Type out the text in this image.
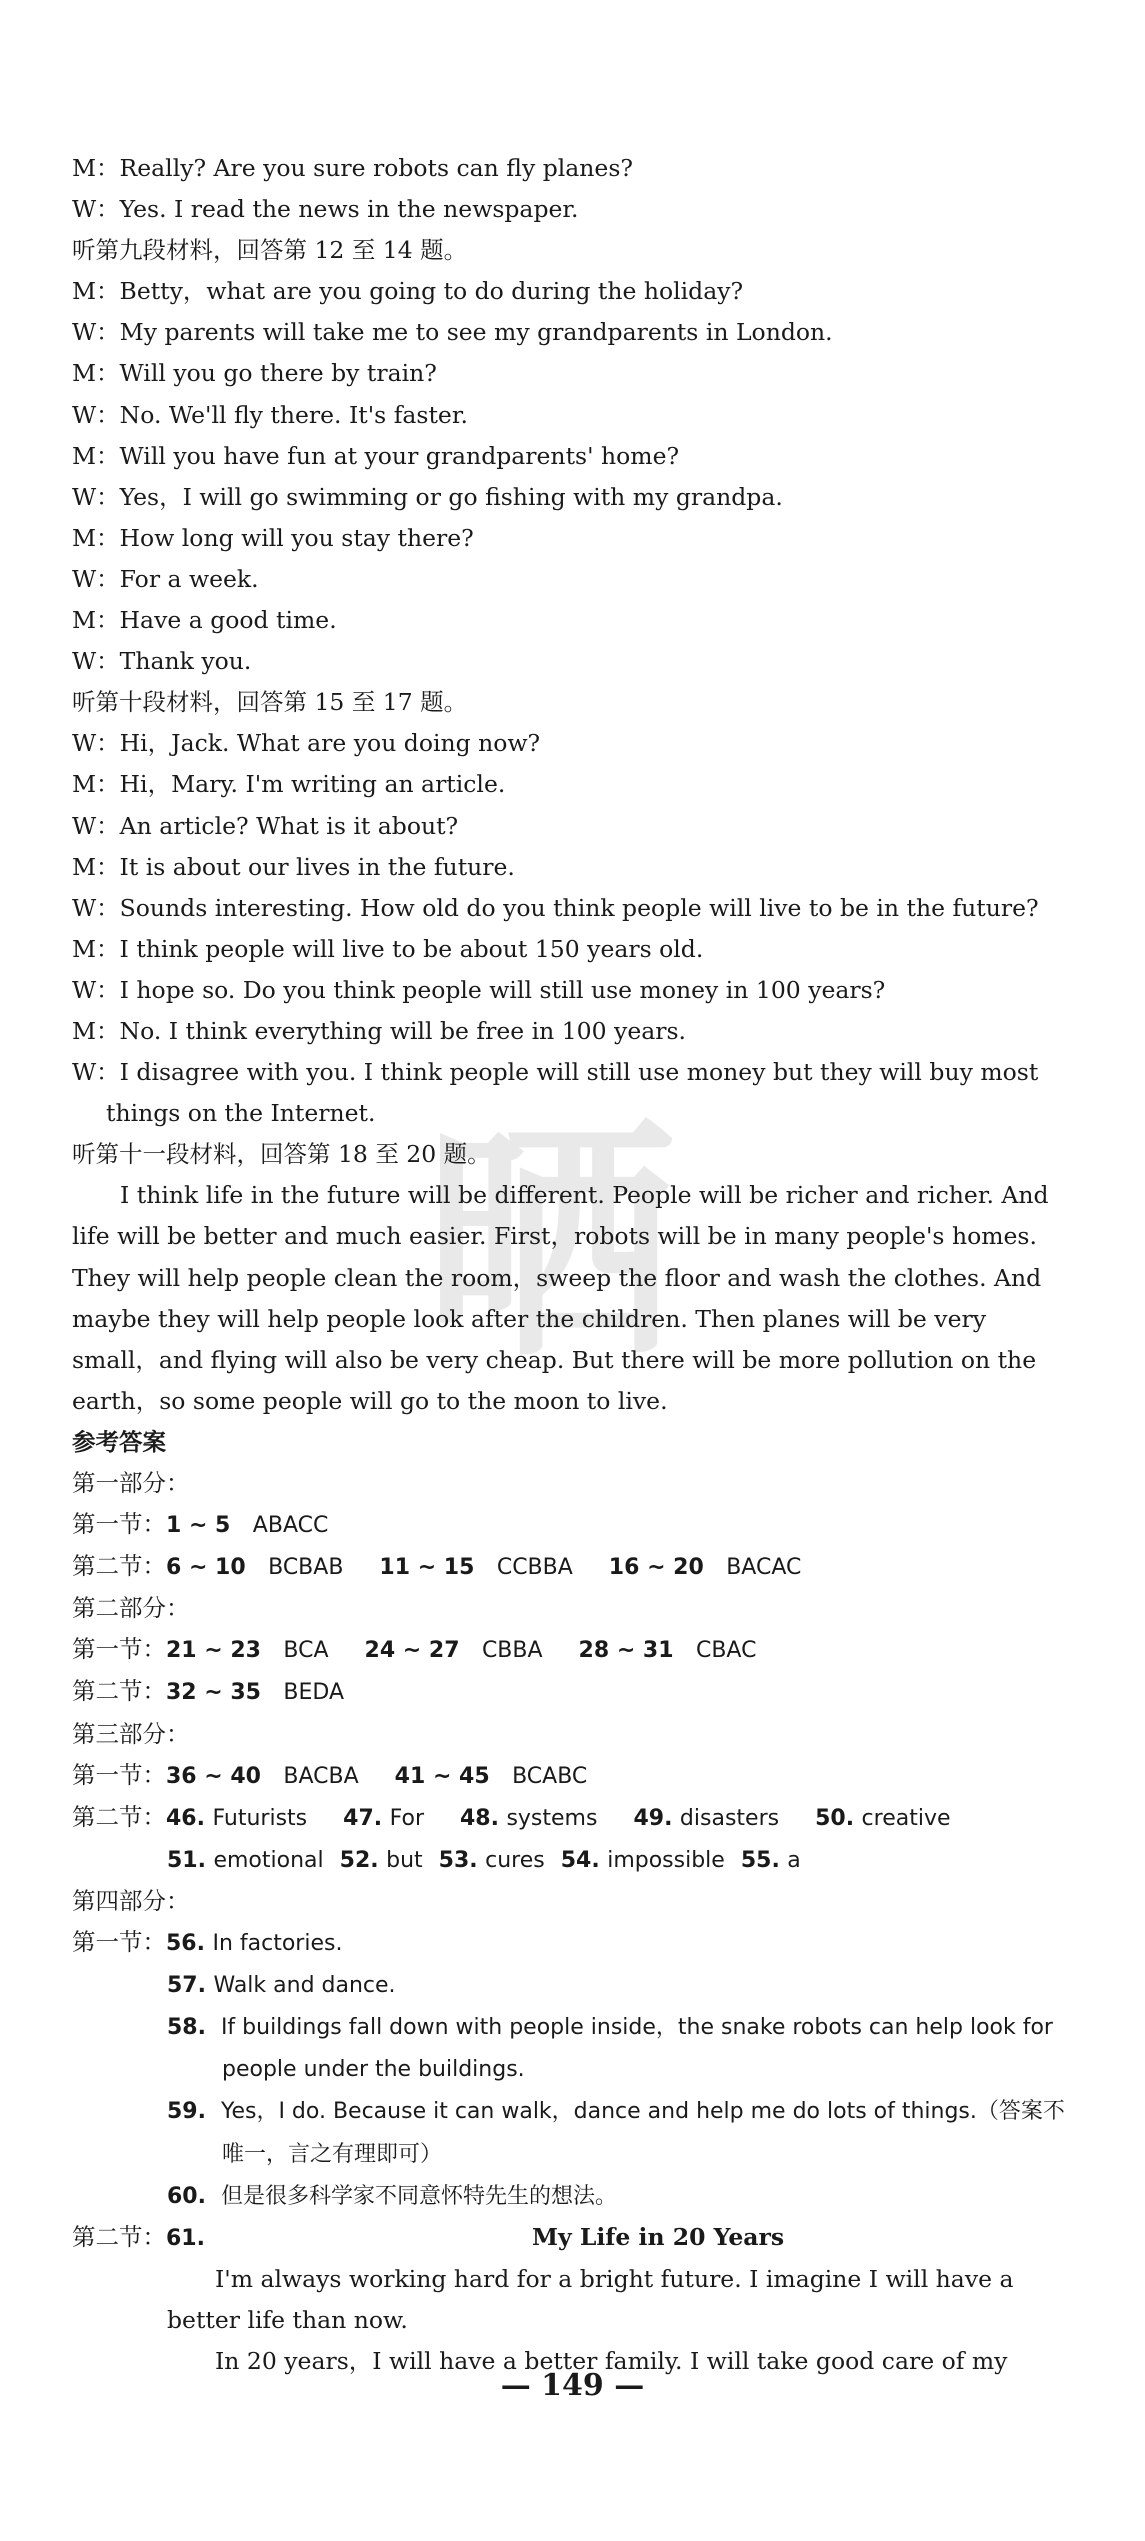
晒
M：Really? Are you sure robots can fly planes?
W：Yes. I read the news in the newspaper.
听第九段材料，回答第 12 至 14 题。
M：Betty，what are you going to do during the holiday?
W：My parents will take me to see my grandparents in London.
M：Will you go there by train?
W：No. We'll fly there. It's faster.
M：Will you have fun at your grandparents' home?
W：Yes，I will go swimming or go fishing with my grandpa.
M：How long will you stay there?
W：For a week.
M：Have a good time.
W：Thank you.
听第十段材料，回答第 15 至 17 题。
W：Hi，Jack. What are you doing now?
M：Hi，Mary. I'm writing an article.
W：An article? What is it about?
M：It is about our lives in the future.
W：Sounds interesting. How old do you think people will live to be in the future?
M：I think people will live to be about 150 years old.
W：I hope so. Do you think people will still use money in 100 years?
M：No. I think everything will be free in 100 years.
W：I disagree with you. I think people will still use money but they will buy most things on the Internet.
听第十一段材料，回答第 18 至 20 题。
I think life in the future will be different. People will be richer and richer. And life will be better and much easier. First，robots will be in many people's homes. They will help people clean the room，sweep the floor and wash the clothes. And maybe they will help people look after the children. Then planes will be very small，and flying will also be very cheap. But there will be more pollution on the earth，so some people will go to the moon to live.
参考答案
第一部分：
第一节：1 ~ 5 ABACC
第二节：6 ~ 10 BCBAB 11 ~ 15 CCBBA 16 ~ 20 BACAC
第二部分：
第一节：21 ~ 23 BCA 24 ~ 27 CBBA 28 ~ 31 CBAC
第二节：32 ~ 35 BEDA
第三部分：
第一节：36 ~ 40 BACBA 41 ~ 45 BCABC
第二节：46. Futurists 47. For 48. systems 49. disasters 50. creative
51. emotional 52. but 53. cures 54. impossible 55. a
第四部分：
第一节：56. In factories.
57. Walk and dance.
58. If buildings fall down with people inside，the snake robots can help look for people under the buildings.
59. Yes，I do. Because it can walk，dance and help me do lots of things.（答案不唯一，言之有理即可）
60. 但是很多科学家不同意怀特先生的想法。
第二节：61.	My Life in 20 Years

I'm always working hard for a bright future. I imagine I will have a better life than now.

In 20 years，I will have a better family. I will take good care of my

— 149 —
